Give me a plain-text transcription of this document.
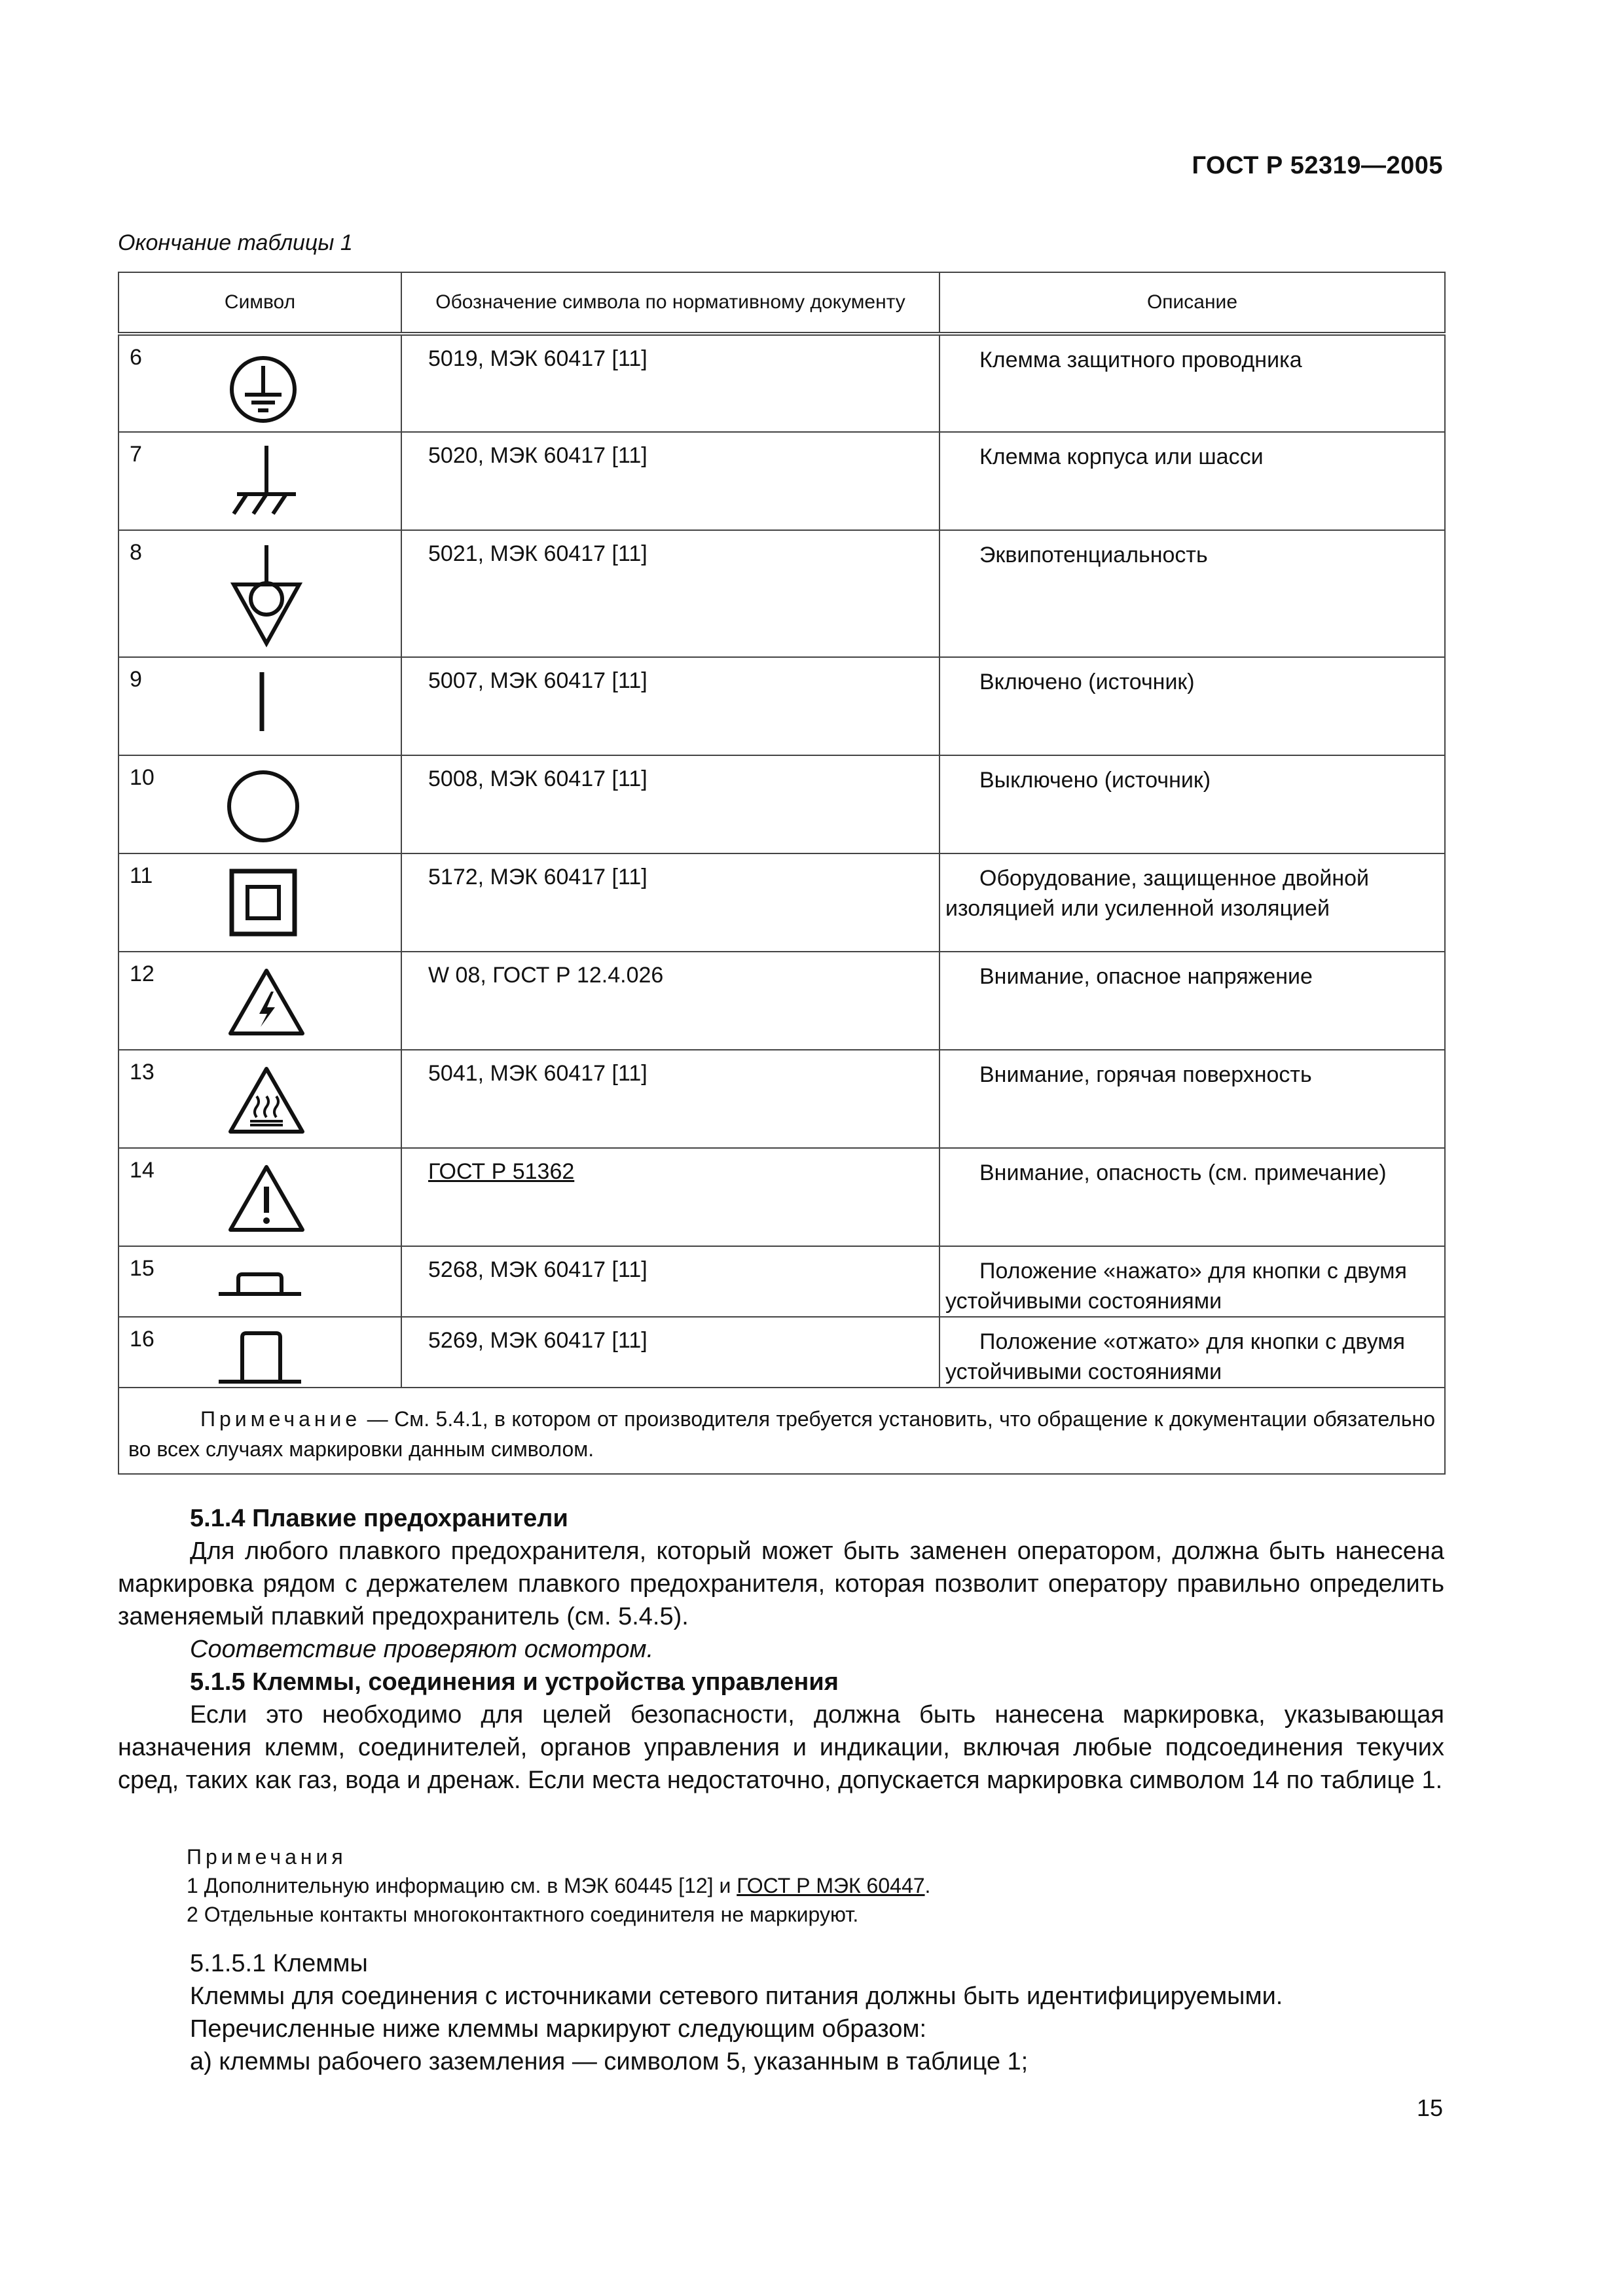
ГОСТ Р 52319—2005
Окончание таблицы 1
Символ	Обозначение символа по нормативному документу	Описание

6	5019, МЭК 60417 [11]	Клемма защитного проводника

7	5020, МЭК 60417 [11]	Клемма корпуса или шасси

8	5021, МЭК 60417 [11]	Эквипотенциальность

9	5007, МЭК 60417 [11]	Включено (источник)

10	5008, МЭК 60417 [11]	Выключено (источник)

11	5172, МЭК 60417 [11]	Оборудование, защищенное двойной
изоляцией или усиленной изоляцией

12	W 08, ГОСТ Р 12.4.026	Внимание, опасное напряжение

13	5041, МЭК 60417 [11]	Внимание, горячая поверхность

14	ГОСТ Р 51362	Внимание, опасность (см. примечание)

15	5268, МЭК 60417 [11]	Положение «нажато» для кнопки с двумя
устойчивыми состояниями

16	5269, МЭК 60417 [11]	Положение «отжато» для кнопки с двумя
устойчивыми состояниями

Примечание — См. 5.4.1, в котором от производителя требуется установить, что обращение к документации обязательно во всех случаях маркировки данным символом.		
5.1.4 Плавкие предохранители
Для любого плавкого предохранителя, который может быть заменен оператором, должна быть нанесена маркировка рядом с держателем плавкого предохранителя, которая позволит оператору правильно определить заменяемый плавкий предохранитель (см. 5.4.5).
Соответствие проверяют осмотром.
5.1.5 Клеммы, соединения и устройства управления
Если это необходимо для целей безопасности, должна быть нанесена маркировка, указывающая назначения клемм, соединителей, органов управления и индикации, включая любые подсоединения текучих сред, таких как газ, вода и дренаж. Если места недостаточно, допускается маркировка символом 14 по таблице 1.
Примечания
1 Дополнительную информацию см. в МЭК 60445 [12] и ГОСТ Р МЭК 60447.
2 Отдельные контакты многоконтактного соединителя не маркируют.
5.1.5.1 Клеммы
Клеммы для соединения с источниками сетевого питания должны быть идентифицируемыми.
Перечисленные ниже клеммы маркируют следующим образом:
а) клеммы рабочего заземления — символом 5, указанным в таблице 1;
15
